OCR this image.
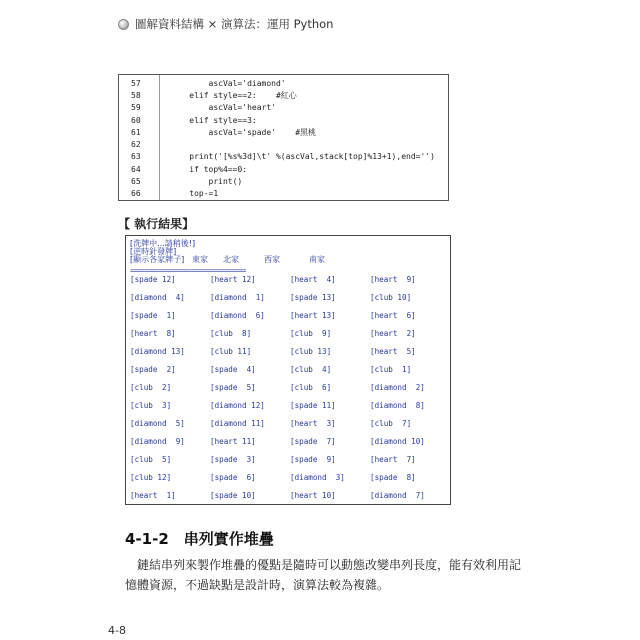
圖解資料結構 × 演算法：運用 Python
57	ascVal='diamond'
58	elif style==2:    #紅心
59	ascVal='heart'
60	elif style==3:
61	ascVal='spade'    #黑桃
62
63	print('[%s%3d]\t' %(ascVal,stack[top]%13+1),end='')
64	if top%4==0:
65	print()
66	top-=1
【 執行結果】
[洗牌中...請稍後!]
[逆時針發牌]
[顯示各家牌子] 東家 北家	西家	南家
================================
[spade 12]	[heart 12]	[heart  4]	[heart  9]
[diamond  4]	[diamond  1]	[spade 13]	[club 10]
[spade  1]	[diamond  6]	[heart 13]	[heart  6]
[heart  8]	[club  8]	[club  9]	[heart  2]
[diamond 13]	[club 11]	[club 13]	[heart  5]
[spade  2]	[spade  4]	[club  4]	[club  1]
[club  2]	[spade  5]	[club  6]	[diamond  2]
[club  3]	[diamond 12]	[spade 11]	[diamond  8]
[diamond  5]	[diamond 11]	[heart  3]	[club  7]
[diamond  9]	[heart 11]	[spade  7]	[diamond 10]
[club  5]	[spade  3]	[spade  9]	[heart  7]
[club 12]	[spade  6]	[diamond  3]	[spade  8]
[heart  1]	[spade 10]	[heart 10]	[diamond  7]
4-1-2　串列實作堆疊
　鏈結串列來製作堆疊的優點是隨時可以動態改變串列長度，能有效利用記
憶體資源，不過缺點是設計時，演算法較為複雜。
4-8
